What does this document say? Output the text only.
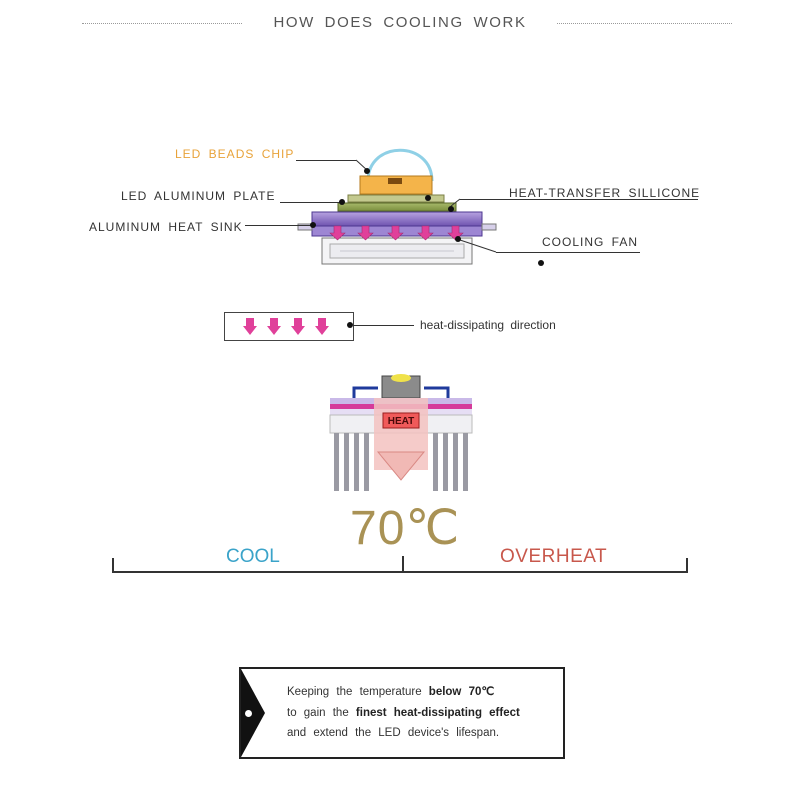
HOW DOES COOLING WORK
LED BEADS CHIP
LED ALUMINUM PLATE
ALUMINUM HEAT SINK
HEAT-TRANSFER SILLICONE
COOLING FAN
heat-dissipating direction
HEAT
70℃
COOL	OVERHEAT
Keeping the temperature below 70℃
to gain the finest heat-dissipating effect
and extend the LED device's lifespan.
